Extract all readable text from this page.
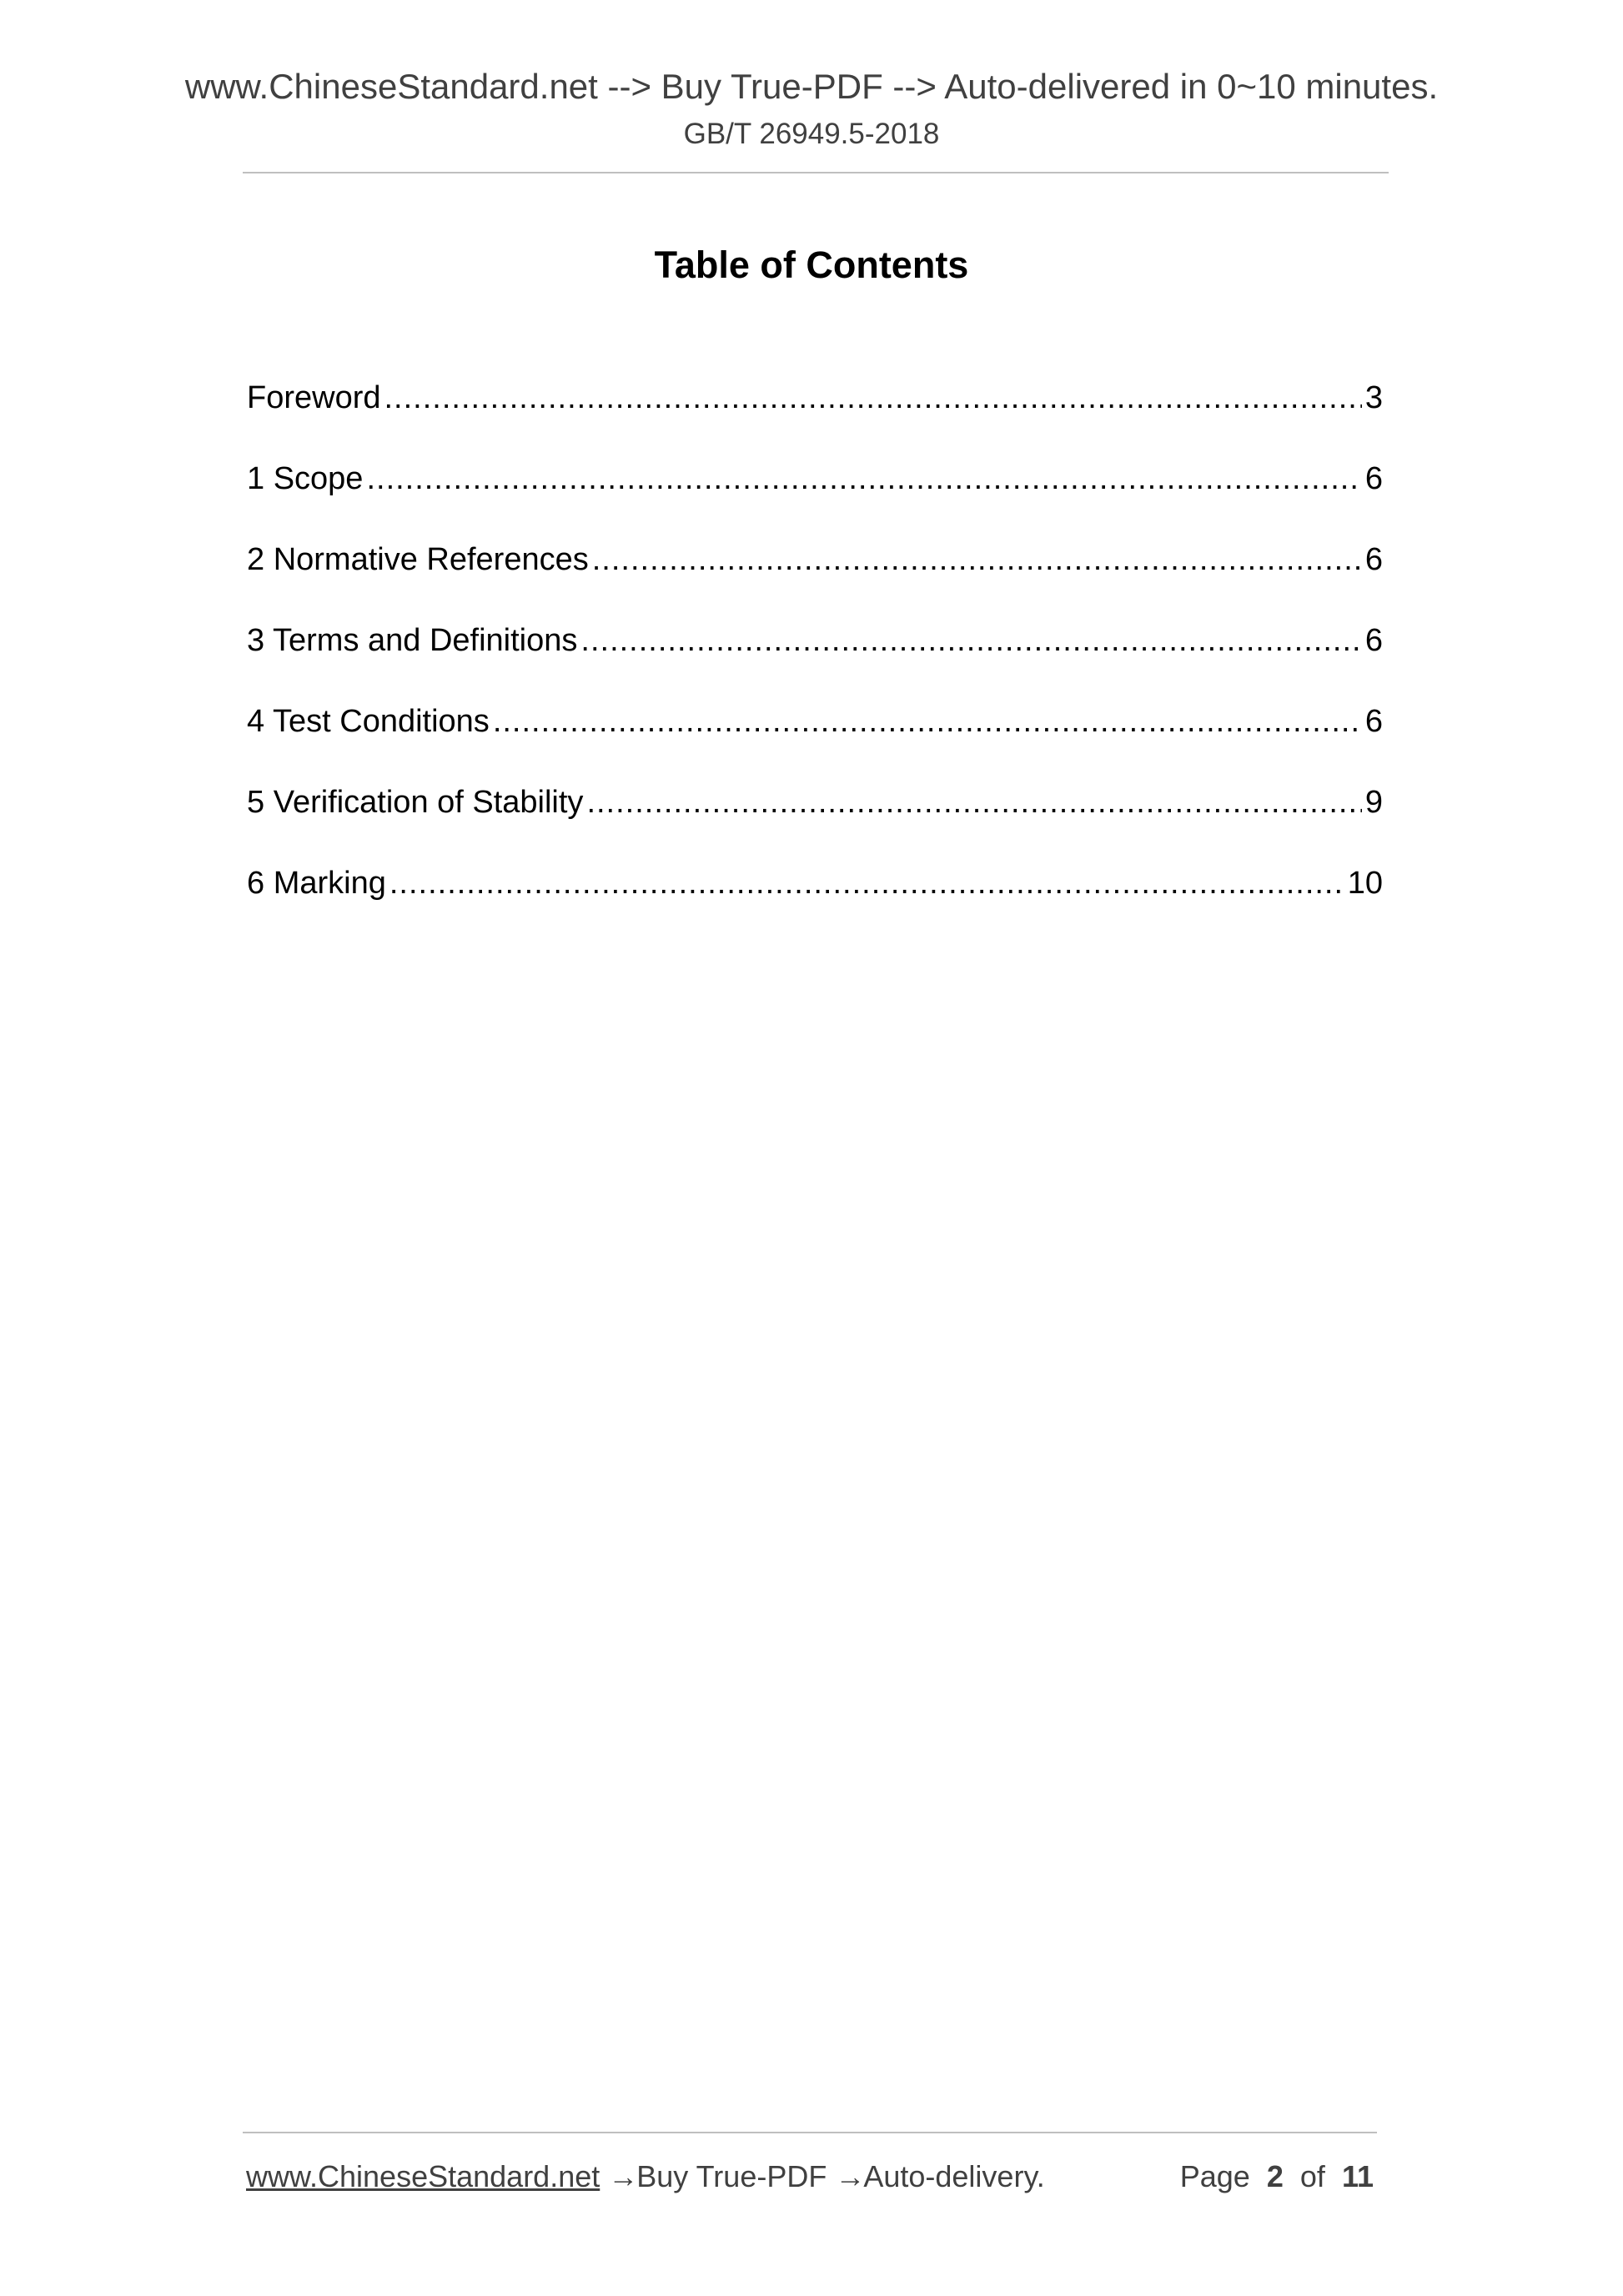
www.ChineseStandard.net --> Buy True-PDF --> Auto-delivered in 0~10 minutes.
GB/T 26949.5-2018
Table of Contents
Foreword .....	3
1 Scope .....	6
2 Normative References .....	6
3 Terms and Definitions .....	6
4 Test Conditions .....	6
5 Verification of Stability .....	9
6 Marking .....	10
www.ChineseStandard.net →Buy True-PDF →Auto-delivery.	Page 2 of 11
